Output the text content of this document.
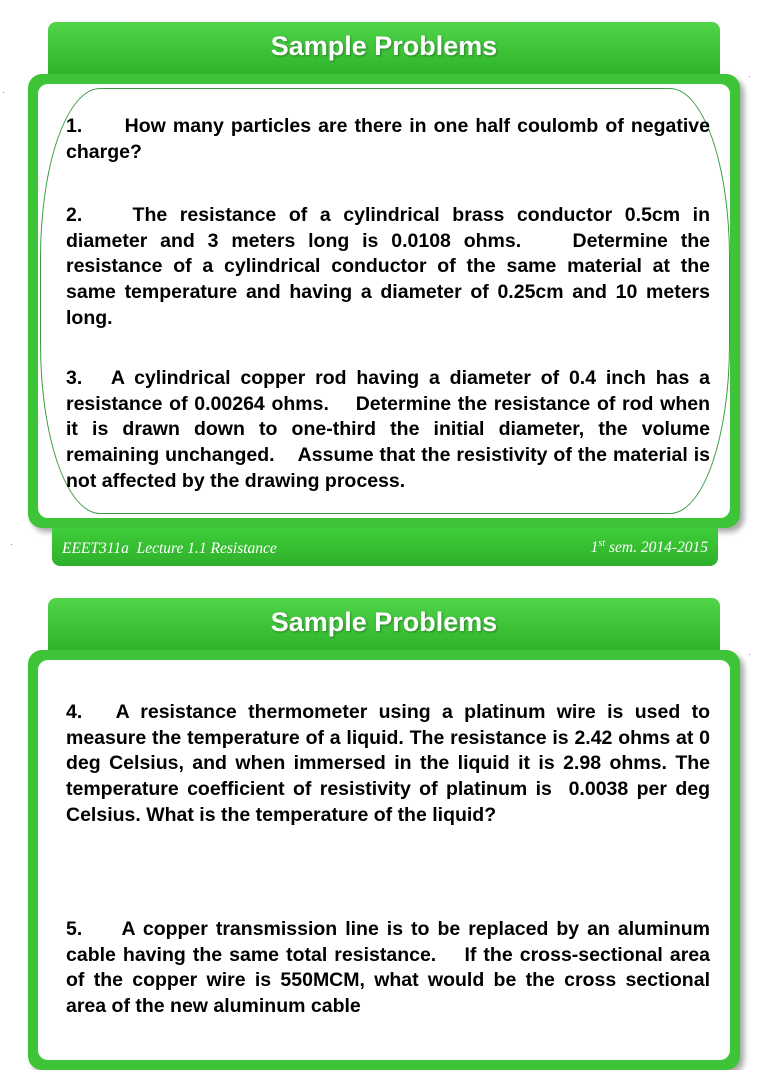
Sample Problems

1.      How many particles are there in one half coulomb of negative charge?

2.    The resistance of a cylindrical brass conductor 0.5cm in diameter and 3 meters long is 0.0108 ohms.    Determine the resistance of a cylindrical conductor of the same material at the same temperature and having a diameter of 0.25cm and 10 meters long.

3.   A cylindrical copper rod having a diameter of 0.4 inch has a resistance of 0.00264 ohms.    Determine the resistance of rod when it is drawn down to one-third the initial diameter, the volume remaining unchanged.    Assume that the resistivity of the material is not affected by the drawing process.

EEET311a  Lecture 1.1 Resistance	1st sem. 2014-2015
Sample Problems

4.   A resistance thermometer using a platinum wire is used to measure the temperature of a liquid. The resistance is 2.42 ohms at 0 deg Celsius, and when immersed in the liquid it is 2.98 ohms. The temperature coefficient of resistivity of platinum is  0.0038 per deg Celsius. What is the temperature of the liquid?

5.     A copper transmission line is to be replaced by an aluminum cable having the same total resistance.    If the cross-sectional area of the copper wire is 550MCM, what would be the cross sectional area of the new aluminum cable

·
·
·
·
